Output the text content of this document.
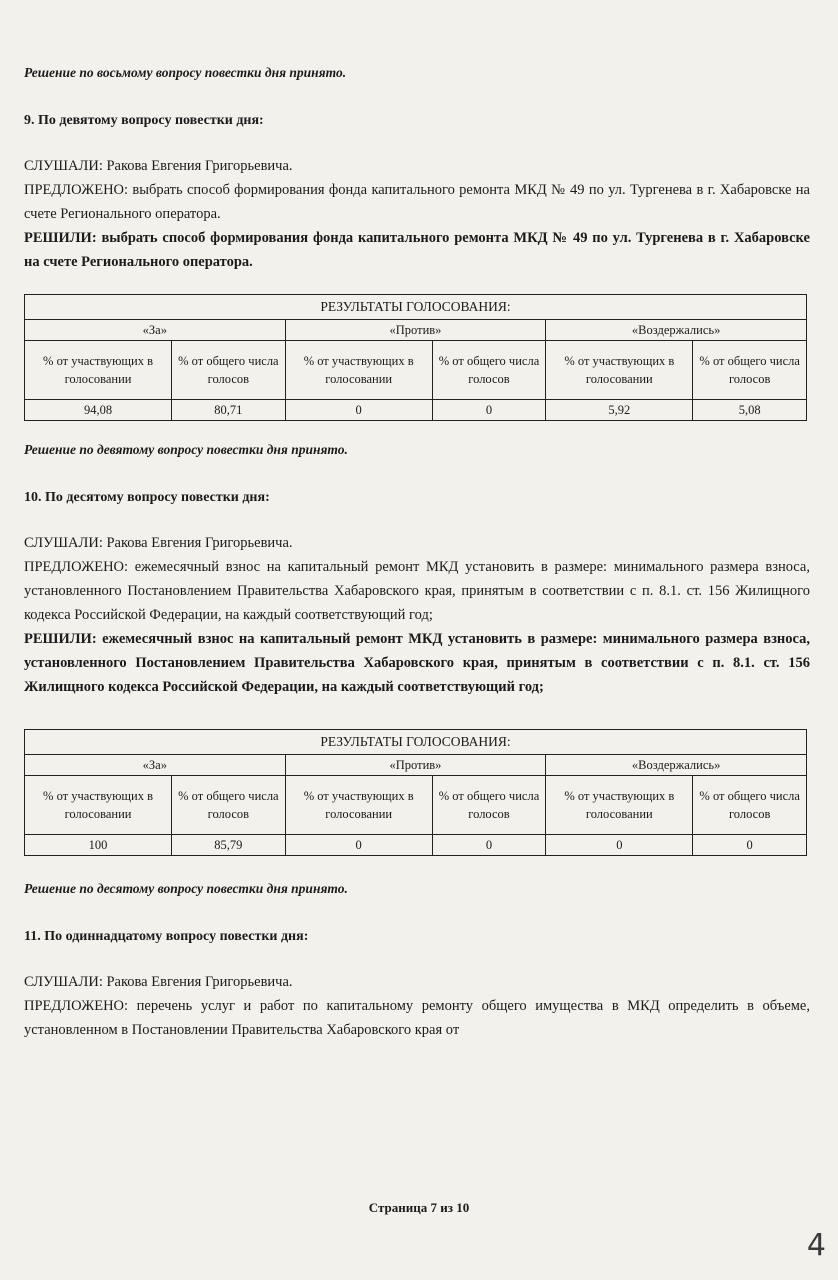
Решение по восьмому вопросу повестки дня принято.

9. По девятому вопросу повестки дня:

СЛУШАЛИ: Ракова Евгения Григорьевича.

ПРЕДЛОЖЕНО: выбрать способ формирования фонда капитального ремонта МКД № 49 по ул. Тургенева в г. Хабаровске на счете Регионального оператора.

РЕШИЛИ: выбрать способ формирования фонда капитального ремонта МКД № 49 по ул. Тургенева в г. Хабаровске на счете Регионального оператора.

РЕЗУЛЬТАТЫ ГОЛОСОВАНИЯ:					
«За»		«Против»		«Воздержались»	
% от участвующих в голосовании	% от общего числа голосов	% от участвующих в голосовании	% от общего числа голосов	% от участвующих в голосовании	% от общего числа голосов
94,08	80,71	0	0	5,92	5,08

Решение по девятому вопросу повестки дня принято.

10. По десятому вопросу повестки дня:

СЛУШАЛИ: Ракова Евгения Григорьевича.

ПРЕДЛОЖЕНО: ежемесячный взнос на капитальный ремонт МКД установить в размере: минимального размера взноса, установленного Постановлением Правительства Хабаровского края, принятым в соответствии с п. 8.1. ст. 156 Жилищного кодекса Российской Федерации, на каждый соответствующий год;

РЕШИЛИ: ежемесячный взнос на капитальный ремонт МКД установить в размере: минимального размера взноса, установленного Постановлением Правительства Хабаровского края, принятым в соответствии с п. 8.1. ст. 156 Жилищного кодекса Российской Федерации, на каждый соответствующий год;

РЕЗУЛЬТАТЫ ГОЛОСОВАНИЯ:					
«За»		«Против»		«Воздержались»	
% от участвующих в голосовании	% от общего числа голосов	% от участвующих в голосовании	% от общего числа голосов	% от участвующих в голосовании	% от общего числа голосов
100	85,79	0	0	0	0

Решение по десятому вопросу повестки дня принято.

11. По одиннадцатому вопросу повестки дня:

СЛУШАЛИ: Ракова Евгения Григорьевича.

ПРЕДЛОЖЕНО: перечень услуг и работ по капитальному ремонту общего имущества в МКД определить в объеме, установленном в Постановлении Правительства Хабаровского края от

Страница 7 из 10
4
